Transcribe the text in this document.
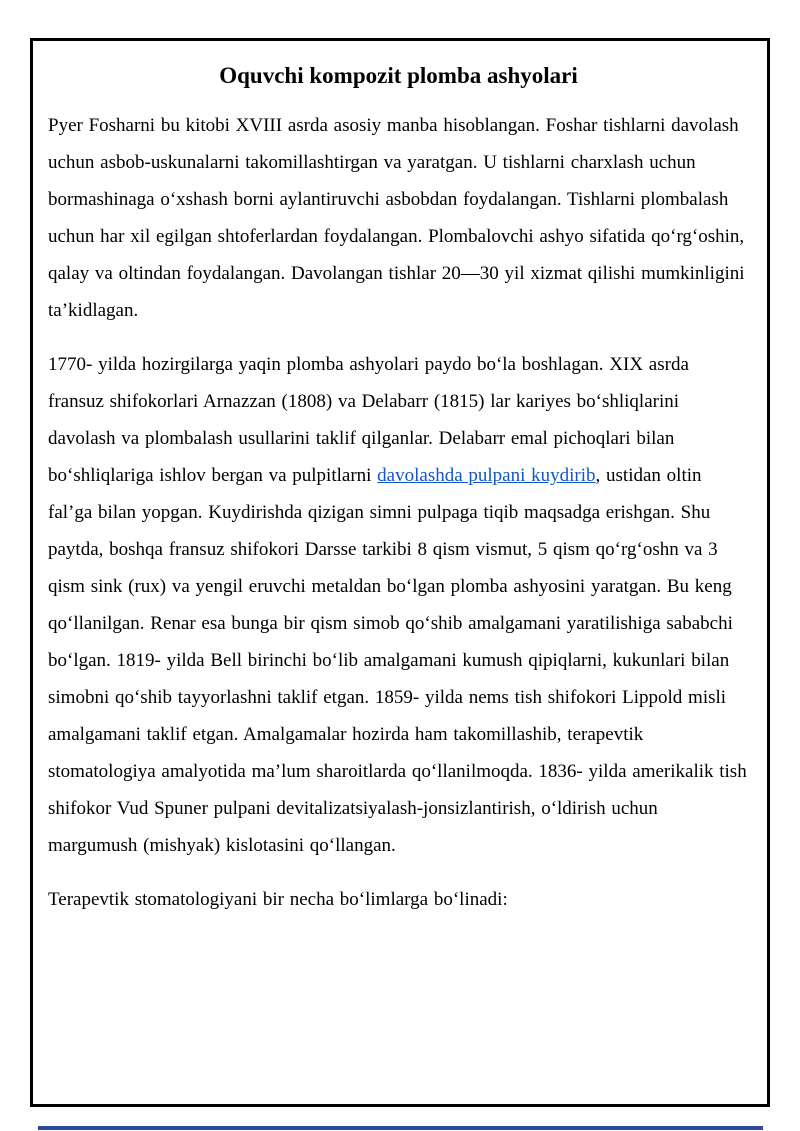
Oquvchi kompozit plomba ashyolari

Pyer Fosharni bu kitobi XVIII asrda asosiy manba hisoblangan. Foshar tishlarni davolash uchun asbob-uskunalarni takomillashtirgan va yaratgan. U tishlarni charxlash uchun bormashinaga oʻxshash borni aylantiruvchi asbobdan foydalangan. Tishlarni plombalash uchun har xil egilgan shtoferlardan foydalangan. Plombalovchi ashyo sifatida qoʻrgʻoshin, qalay va oltindan foydalangan. Davolangan tishlar 20—30 yil xizmat qilishi mumkinligini ta’kidlagan.

1770- yilda hozirgilarga yaqin plomba ashyolari paydo boʻla boshlagan. XIX asrda fransuz shifokorlari Arnazzan (1808) va Delabarr (1815) lar kariyes boʻshliqlarini davolash va plombalash usullarini taklif qilganlar. Delabarr emal pichoqlari bilan boʻshliqlariga ishlov bergan va pulpitlarni davolashda pulpani kuydirib, ustidan oltin fal’ga bilan yopgan. Kuydirishda qizigan simni pulpaga tiqib maqsadga erishgan. Shu paytda, boshqa fransuz shifokori Darsse tarkibi 8 qism vismut, 5 qism qoʻrgʻoshn va 3 qism sink (rux) va yengil eruvchi metaldan boʻlgan plomba ashyosini yaratgan. Bu keng qoʻllanilgan. Renar esa bunga bir qism simob qoʻshib amalgamani yaratilishiga sababchi boʻlgan. 1819- yilda Bell birinchi boʻlib amalgamani kumush qipiqlarni, kukunlari bilan simobni qoʻshib tayyorlashni taklif etgan. 1859- yilda nems tish shifokori Lippold misli amalgamani taklif etgan. Amalgamalar hozirda ham takomillashib, terapevtik stomatologiya amalyotida ma’lum sharoitlarda qoʻllanilmoqda. 1836- yilda amerikalik tish shifokor Vud Spuner pulpani devitalizatsiyalash-jonsizlantirish, oʻldirish uchun margumush (mishyak) kislotasini qoʻllangan.

Terapevtik stomatologiyani bir necha boʻlimlarga boʻlinadi:
